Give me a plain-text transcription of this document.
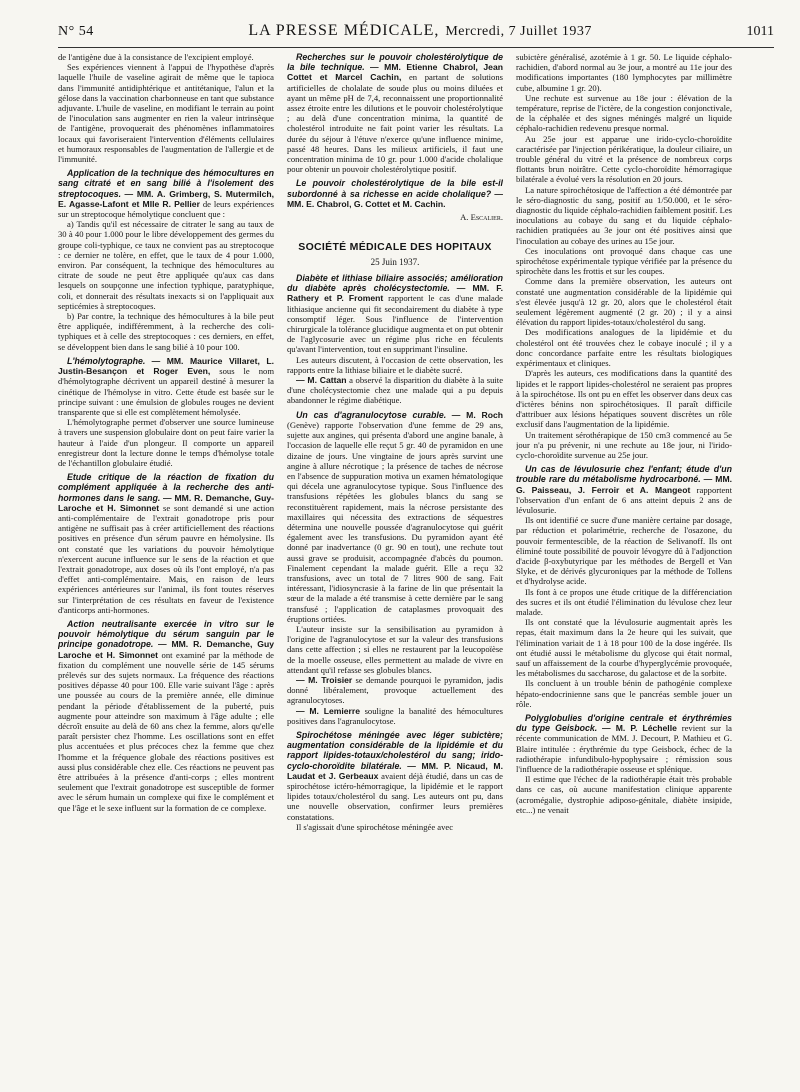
N° 54	LA PRESSE MÉDICALE, Mercredi, 7 Juillet 1937	1011

de l'antigène due à la consistance de l'excipient employé.

Ses expériences viennent à l'appui de l'hypothèse d'après laquelle l'huile de vaseline agirait de même que le tapioca dans l'immunité antidiphtérique et antitétanique, l'alun et la gélose dans la vaccination charbonneuse en tant que substance adjuvante. L'huile de vaseline, en modifiant le terrain au point de l'inoculation sans augmenter en rien la valeur intrinsèque de l'antigène, provoquerait des phénomènes inflammatoires locaux qui favoriseraient l'intervention d'éléments cellulaires et humoraux responsables de l'augmentation de l'allergie et de l'immunité.

Application de la technique des hémocultures en sang citraté et en sang bilié à l'isolement des streptocoques. — MM. A. Grimberg, S. Mutermilch, E. Agasse-Lafont et Mlle R. Pellier de leurs expériences sur un streptocoque hémolytique concluent que :

a) Tandis qu'il est nécessaire de citrater le sang au taux de 30 à 40 pour 1.000 pour le libre développement des germes du groupe coli-typhique, ce taux ne convient pas au streptocoque : ce dernier ne tolère, en effet, que le taux de 4 pour 1.000, environ. Par conséquent, la technique des hémocultures au citrate de soude ne peut être appliquée qu'aux cas dans lesquels on soupçonne une infection typhique, paratyphique, coli, et donnerait des résultats inexacts si on l'appliquait aux septicémies à streptocoques.

b) Par contre, la technique des hémocultures à la bile peut être appliquée, indifféremment, à la recherche des coli-typhiques et à celle des streptocoques : ces derniers, en effet, se développent bien dans le sang bilié à 10 pour 100.

L'hémolytographe. — MM. Maurice Villaret, L. Justin-Besançon et Roger Even, sous le nom d'hémolytographe décrivent un appareil destiné à mesurer la cinétique de l'hémolyse in vitro. Cette étude est basée sur le principe suivant : une émulsion de globules rouges ne devient transparente que si elle est complètement hémolysée.

L'hémolytographe permet d'observer une source lumineuse à travers une suspension globulaire dont on peut faire varier la hauteur à l'aide d'un plongeur. Il comporte un appareil enregistreur dont la lecture donne le temps d'hémolyse totale de l'échantillon globulaire étudié.

Etude critique de la réaction de fixation du complément appliquée à la recherche des anti-hormones dans le sang. — MM. R. Demanche, Guy-Laroche et H. Simonnet se sont demandé si une action anti-complémentaire de l'extrait gonadotrope pris pour antigène ne suffisait pas à créer artificiellement des réactions positives en présence d'un sérum pauvre en hémolysine. Ils ont constaté que les variations du pouvoir hémolytique n'exercent aucune influence sur le sens de la réaction et que l'extrait gonadotrope, aux doses où ils l'ont employé, n'a pas d'effet anti-complémentaire. Mais, en raison de leurs expériences antérieures sur l'animal, ils font toutes réserves sur l'interprétation de ces résultats en faveur de l'existence d'anticorps anti-hormones.

Action neutralisante exercée in vitro sur le pouvoir hémolytique du sérum sanguin par le principe gonadotrope. — MM. R. Demanche, Guy Laroche et H. Simonnet ont examiné par la méthode de fixation du complément une nouvelle série de 145 sérums prélevés sur des sujets normaux. La fréquence des réactions positives dépasse 40 pour 100. Elle varie suivant l'âge : après une poussée au cours de la première année, elle diminue pendant la période d'établissement de la puberté, puis augmente pour atteindre son maximum à l'âge adulte ; elle décroît ensuite au delà de 60 ans chez la femme, alors qu'elle paraît persister chez l'homme. Les oscillations sont en effet plus accentuées et plus précoces chez la femme que chez l'homme et la fréquence globale des réactions positives est aussi plus considérable chez elle. Ces réactions ne peuvent pas être attribuées à la présence d'anti-corps ; elles montrent seulement que l'extrait gonadotrope est susceptible de former avec le sérum humain un complexe qui fixe le complément et que l'âge et le sexe influent sur la formation de ce complexe.

Recherches sur le pouvoir cholestérolytique de la bile technique. — MM. Etienne Chabrol, Jean Cottet et Marcel Cachin, en partant de solutions artificielles de cholalate de soude plus ou moins diluées et ayant un même pH de 7,4, reconnaissent une proportionnalité assez étroite entre les dilutions et le pouvoir cholestérolytique ; au delà d'une concentration minima, la quantité de cholestérol introduite ne fait point varier les résultats. La durée du séjour à l'étuve n'exerce qu'une influence minime, passé 48 heures. Dans les milieux artificiels, il faut une concentration minima de 10 gr. pour 1.000 d'acide cholalique pour obtenir un pouvoir cholestérolytique positif.

Le pouvoir cholestérolytique de la bile est-il subordonné à sa richesse en acide cholalique? — MM. E. Chabrol, G. Cottet et M. Cachin.

A. Escalier.
SOCIÉTÉ MÉDICALE DES HOPITAUX
25 Juin 1937.

Diabète et lithiase biliaire associés; amélioration du diabète après cholécystectomie. — MM. F. Rathery et P. Froment rapportent le cas d'une malade lithiasique ancienne qui fit secondairement du diabète à type consomptif léger. Sous l'influence de l'intervention chirurgicale la tolérance glucidique augmenta et on put obtenir de l'aglycosurie avec un régime plus riche en féculents qu'avant l'intervention, tout en supprimant l'insuline.

Les auteurs discutent, à l'occasion de cette observation, les rapports entre la lithiase biliaire et le diabète sucré.

— M. Cattan a observé la disparition du diabète à la suite d'une cholécystectomie chez une malade qui a pu depuis abandonner le régime diabétique.

Un cas d'agranulocytose curable. — M. Roch (Genève) rapporte l'observation d'une femme de 29 ans, sujette aux angines, qui présenta d'abord une angine banale, à l'occasion de laquelle elle reçut 5 gr. 40 de pyramidon en une dizaine de jours. Une vingtaine de jours après survint une angine à allure nécrotique ; la présence de taches de nécrose en l'absence de suppuration motiva un examen hématologique qui décela une agranulocytose typique. Sous l'influence des transfusions répétées les globules blancs du sang se reconstituèrent rapidement, mais la nécrose persistante des maxillaires qui nécessita des extractions de séquestres détermina une nouvelle poussée d'agranulocytose qui guérit également avec les transfusions. Du pyramidon ayant été donné par inadvertance (0 gr. 90 en tout), une rechute tout aussi grave se produisit, accompagnée d'abcès du poumon. Finalement cependant la malade guérit. Elle a reçu 32 transfusions, avec un total de 7 litres 900 de sang. Fait intéressant, l'idiosyncrasie à la farine de lin que présentait la sœur de la malade a été transmise à cette dernière par le sang transfusé ; l'application de cataplasmes provoquait des éruptions ortiées.

L'auteur insiste sur la sensibilisation au pyramidon à l'origine de l'agranulocytose et sur la valeur des transfusions dans cette affection ; si elles ne restaurent par la leucopoïèse de la moelle osseuse, elles permettent au malade de vivre en attendant qu'il refasse ses globules blancs.

— M. Troisier se demande pourquoi le pyramidon, jadis donné libéralement, provoque actuellement des agranulocytoses.

— M. Lemierre souligne la banalité des hémocultures positives dans l'agranulocytose.

Spirochétose méningée avec léger subictère; augmentation considérable de la lipidémie et du rapport lipides-totaux/cholestérol du sang; irido-cyclo-choroïdite bilatérale. — MM. P. Nicaud, M. Laudat et J. Gerbeaux avaient déjà étudié, dans un cas de spirochétose ictéro-hémorragique, la lipidémie et le rapport lipides totaux/cholestérol du sang. Les auteurs ont pu, dans une nouvelle observation, confirmer leurs premières constatations.

Il s'agissait d'une spirochétose méningée avec

subictère généralisé, azotémie à 1 gr. 50. Le liquide céphalo-rachidien, d'abord normal au 3e jour, a montré au 11e jour des modifications importantes (180 lymphocytes par millimètre cube, albumine 1 gr. 20).

Une rechute est survenue au 18e jour : élévation de la température, reprise de l'ictère, de la congestion conjonctivale, de la céphalée et des signes méningés malgré un liquide céphalo-rachidien redevenu presque normal.

Au 25e jour est apparue une irido-cyclo-choroïdite caractérisée par l'injection périkératique, la douleur ciliaire, un trouble général du vitré et la présence de nombreux corps flottants brun noirâtre. Cette cyclo-choroïdite hémorragique bilatérale a évolué vers la résolution en 20 jours.

La nature spirochétosique de l'affection a été démontrée par le séro-diagnostic du sang, positif au 1/50.000, et le séro-diagnostic du liquide céphalo-rachidien faiblement positif. Les inoculations au cobaye du sang et du liquide céphalo-rachidien pratiquées au 3e jour ont été positives ainsi que l'inoculation au cobaye des urines au 15e jour.

Ces inoculations ont provoqué dans chaque cas une spirochétose expérimentale typique vérifiée par la présence du spirochète dans les frottis et sur les coupes.

Comme dans la première observation, les auteurs ont constaté une augmentation considérable de la lipidémie qui s'est élevée jusqu'à 12 gr. 20, alors que le cholestérol était seulement légèrement augmenté (2 gr. 20) ; il y a ainsi élévation du rapport lipides-totaux/cholestérol du sang.

Des modifications analogues de la lipidémie et du cholestérol ont été trouvées chez le cobaye inoculé ; il y a donc concordance parfaite entre les résultats biologiques expérimentaux et cliniques.

D'après les auteurs, ces modifications dans la quantité des lipides et le rapport lipides-cholestérol ne seraient pas propres à la spirochétose. Ils ont pu en effet les observer dans deux cas d'ictères bénins non spirochétosiques. Il paraît difficile d'attribuer aux lésions hépatiques souvent discrètes un rôle exclusif dans l'augmentation de la lipidémie.

Un traitement sérothérapique de 150 cm3 commencé au 5e jour n'a pu prévenir, ni une rechute au 18e jour, ni l'irido-cyclo-choroïdite survenue au 25e jour.

Un cas de lévulosurie chez l'enfant; étude d'un trouble rare du métabolisme hydrocarboné. — MM. G. Paisseau, J. Ferroir et A. Mangeot rapportent l'observation d'un enfant de 6 ans atteint depuis 2 ans de lévulosurie.

Ils ont identifié ce sucre d'une manière certaine par dosage, par réduction et polarimétrie, recherche de l'osazone, du pouvoir fermentescible, de la réaction de Selivanoff. Ils ont éliminé toute possibilité de pouvoir lévogyre dû à l'adjonction d'acide β-oxybutyrique par les méthodes de Bergell et Van Slyke, et de dérivés glycuroniques par la méthode de Tollens et d'hydrolyse acide.

Ils font à ce propos une étude critique de la différenciation des sucres et ils ont étudié l'élimination du lévulose chez leur malade.

Ils ont constaté que la lévulosurie augmentait après les repas, était maximum dans la 2e heure qui les suivait, que l'élimination variait de 1 à 18 pour 100 de la dose ingérée. Ils ont étudié aussi le métabolisme du glycose qui était normal, sauf un affaissement de la courbe d'hyperglycémie provoquée, les métabolismes du saccharose, du galactose et de la sorbite.

Ils concluent à un trouble bénin de pathogénie complexe hépato-endocrinienne sans que le pancréas semble jouer un rôle.

Polyglobulies d'origine centrale et érythrémies du type Geisbock. — M. P. Léchelle revient sur la récente communication de MM. J. Decourt, P. Mathieu et G. Blaire intitulée : érythrémie du type Geisbock, échec de la radiothérapie infundibulo-hypophysaire ; rémission sous l'influence de la radiothérapie osseuse et splénique.

Il estime que l'échec de la radiothérapie était très probable dans ce cas, où aucune manifestation clinique apparente (acromégalie, dystrophie adiposo-génitale, diabète insipide, etc...) ne venait
